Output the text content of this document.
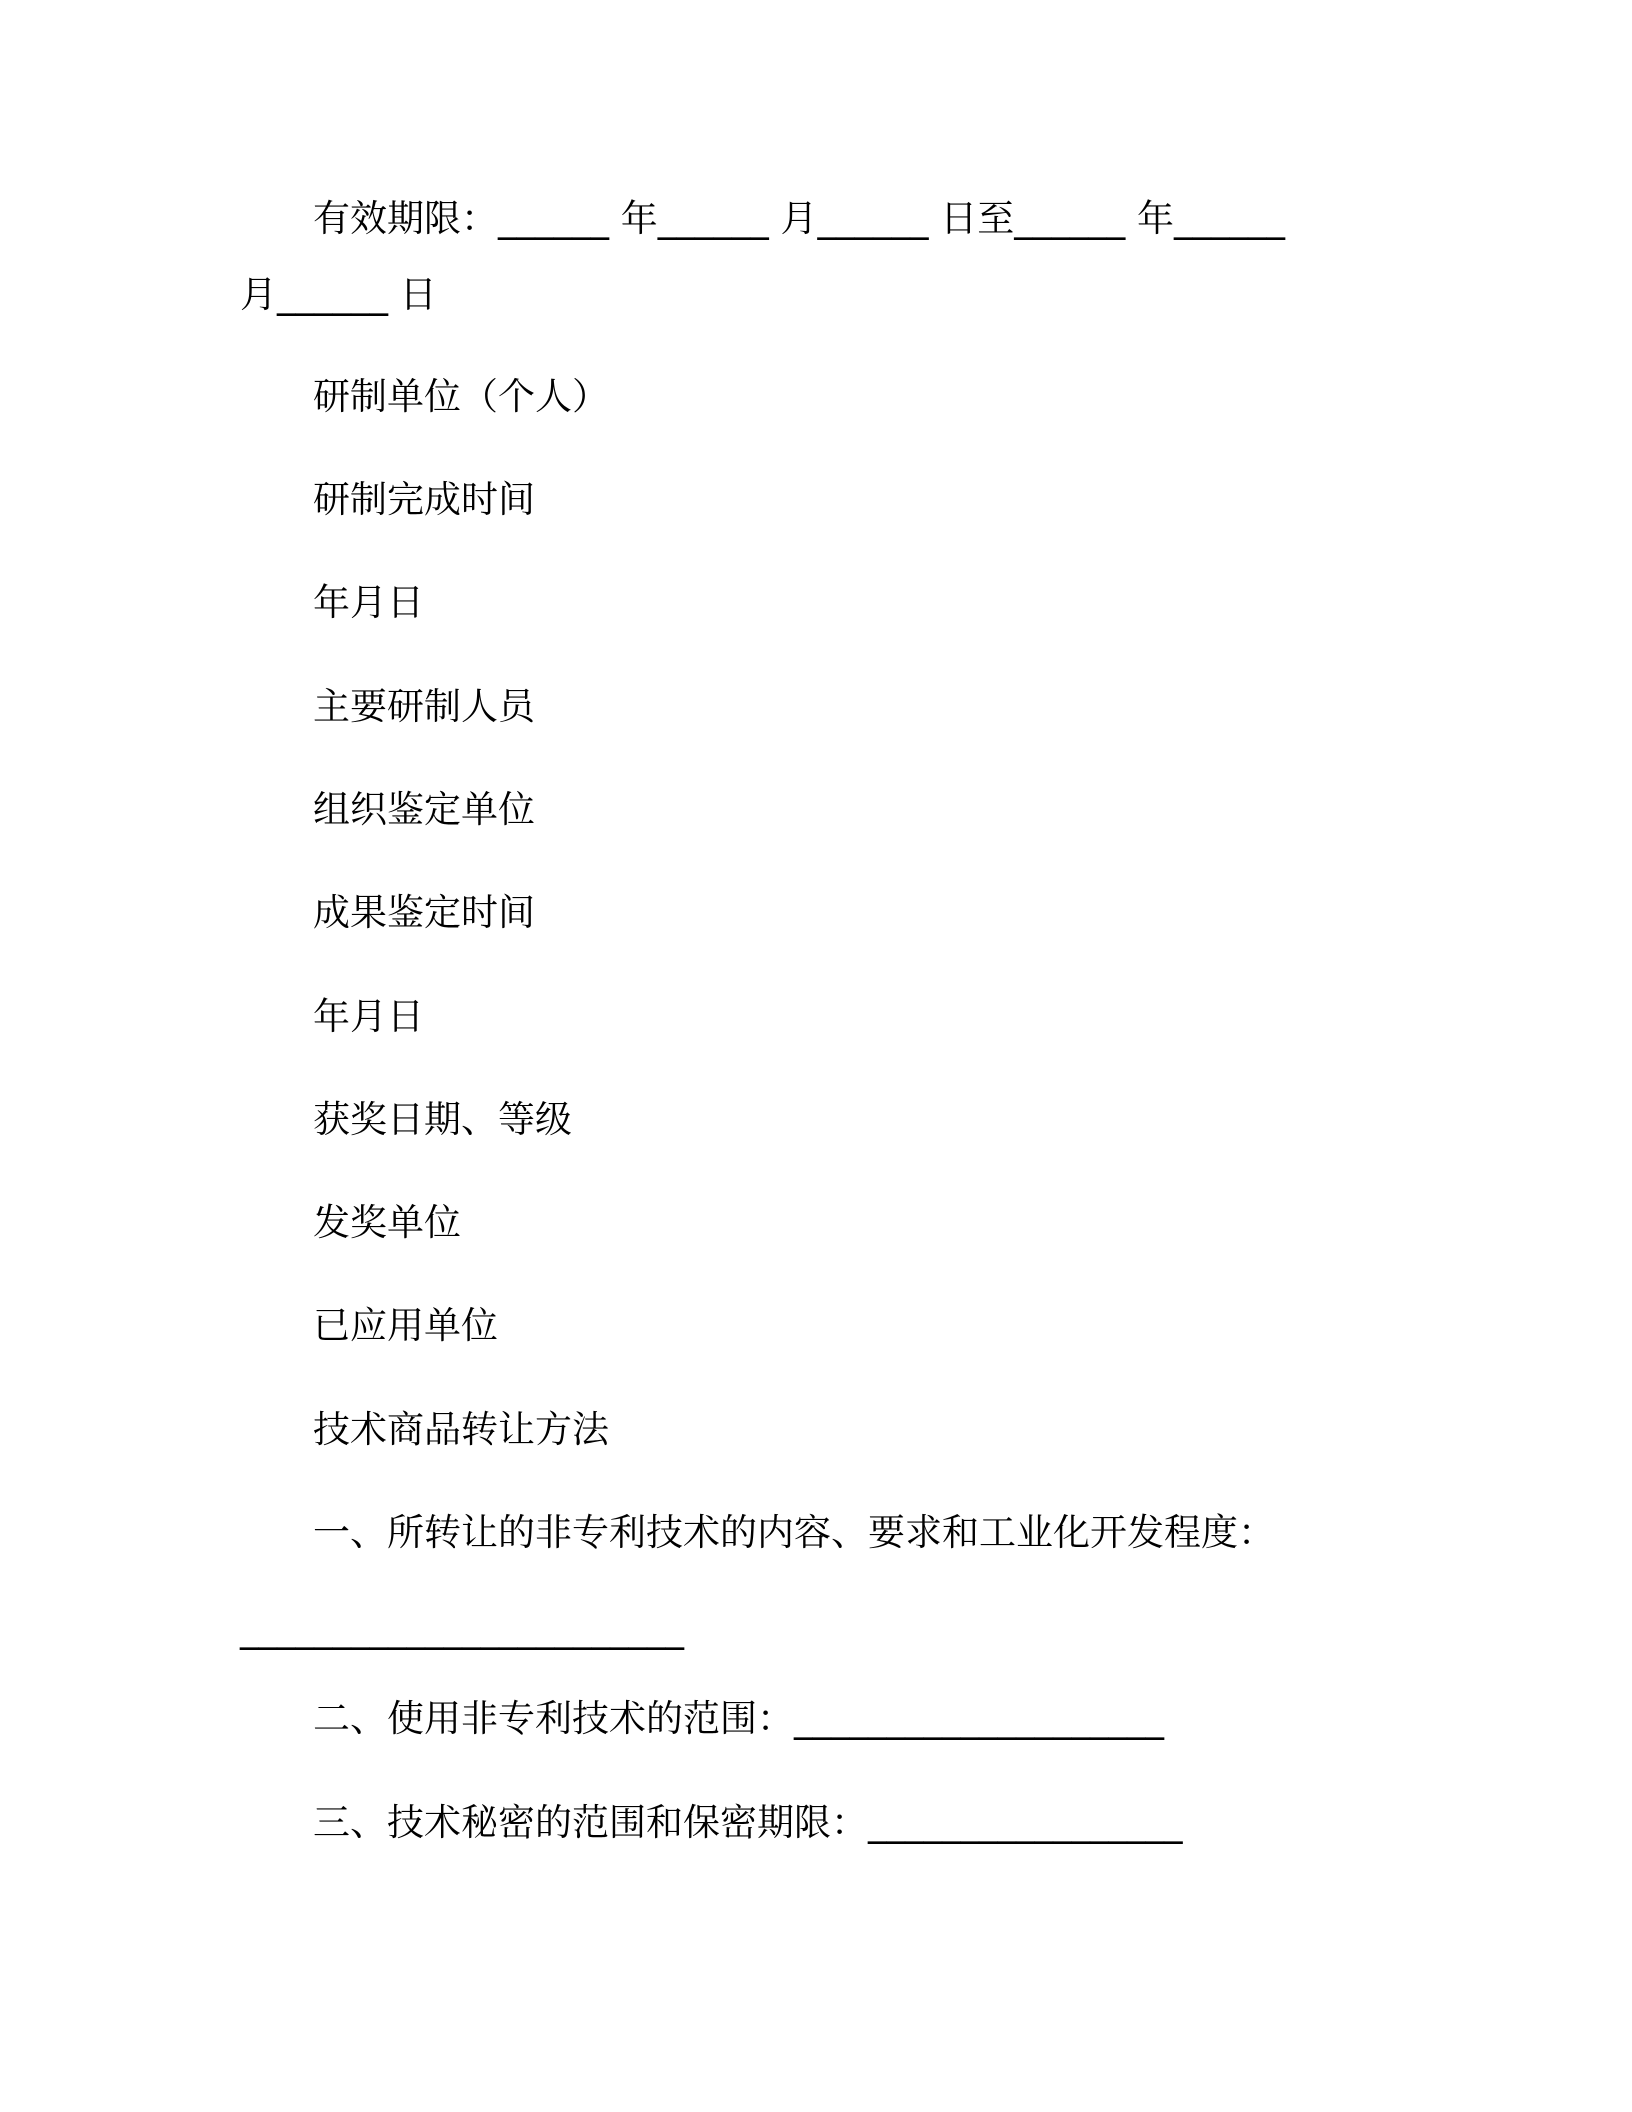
有效期限：______ 年______ 月______ 日至______ 年______
月______ 日
研制单位（个人）
研制完成时间
年月日
主要研制人员
组织鉴定单位
成果鉴定时间
年月日
获奖日期、等级
发奖单位
已应用单位
技术商品转让方法
一、所转让的非专利技术的内容、要求和工业化开发程度：
________________________
二、使用非专利技术的范围：____________________
三、技术秘密的范围和保密期限：_________________
